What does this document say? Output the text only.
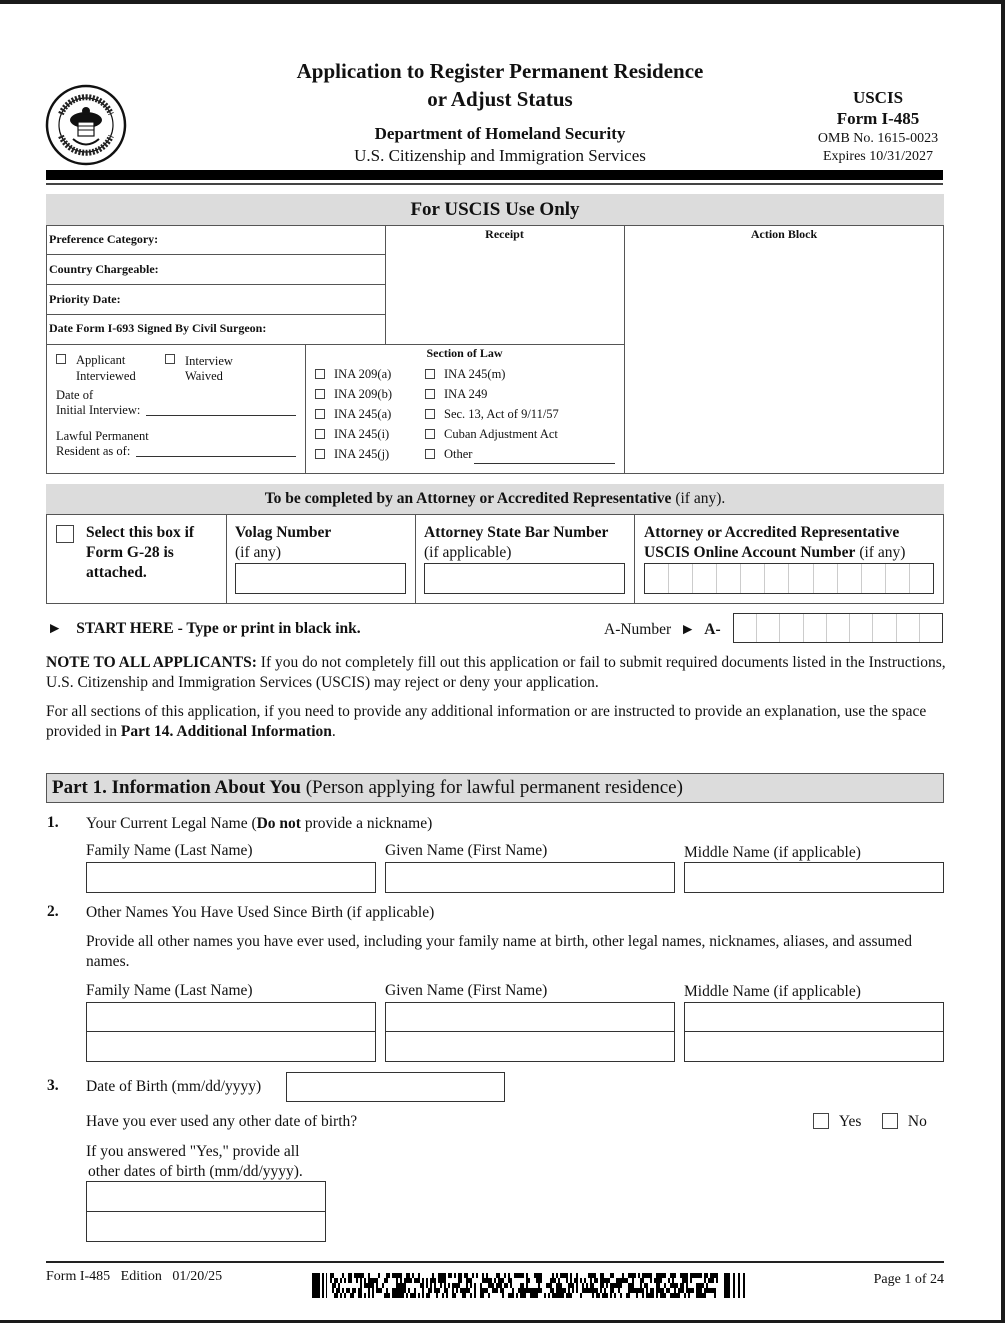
Application to Register Permanent Residence
or Adjust Status
Department of Homeland Security
U.S. Citizenship and Immigration Services
USCIS
Form I-485
OMB No. 1615-0023
Expires 10/31/2027
For USCIS Use Only
Preference Category:
Country Chargeable:
Priority Date:
Date Form I-693 Signed By Civil Surgeon:
Receipt	Action Block
Applicant
Interviewed
Interview
Waived
Date of
Initial Interview:
Lawful Permanent
Resident as of:
Section of Law
INA 209(a)
INA 209(b)
INA 245(a)
INA 245(i)
INA 245(j)
INA 245(m)
INA 249
Sec. 13, Act of 9/11/57
Cuban Adjustment Act
Other
To be completed by an Attorney or Accredited Representative (if any).
Select this box if
Form G-28 is
attached.
Volag Number
(if any)
Attorney State Bar Number
(if applicable)
Attorney or Accredited Representative
USCIS Online Account Number (if any)
► START HERE - Type or print in black ink.	A-Number ► A-
NOTE TO ALL APPLICANTS: If you do not completely fill out this application or fail to submit required documents listed in the Instructions, U.S. Citizenship and Immigration Services (USCIS) may reject or deny your application.
For all sections of this application, if you need to provide any additional information or are instructed to provide an explanation, use the space provided in Part 14. Additional Information.
Part 1. Information About You (Person applying for lawful permanent residence)
1. Your Current Legal Name (Do not provide a nickname)
Family Name (Last Name)	Given Name (First Name)	Middle Name (if applicable)
2. Other Names You Have Used Since Birth (if applicable)
Provide all other names you have ever used, including your family name at birth, other legal names, nicknames, aliases, and assumed names.
Family Name (Last Name)	Given Name (First Name)	Middle Name (if applicable)
3. Date of Birth (mm/dd/yyyy)
Have you ever used any other date of birth?	Yes	No
If you answered "Yes," provide all
other dates of birth (mm/dd/yyyy).
Form I-485   Edition   01/20/25	Page 1 of 24
